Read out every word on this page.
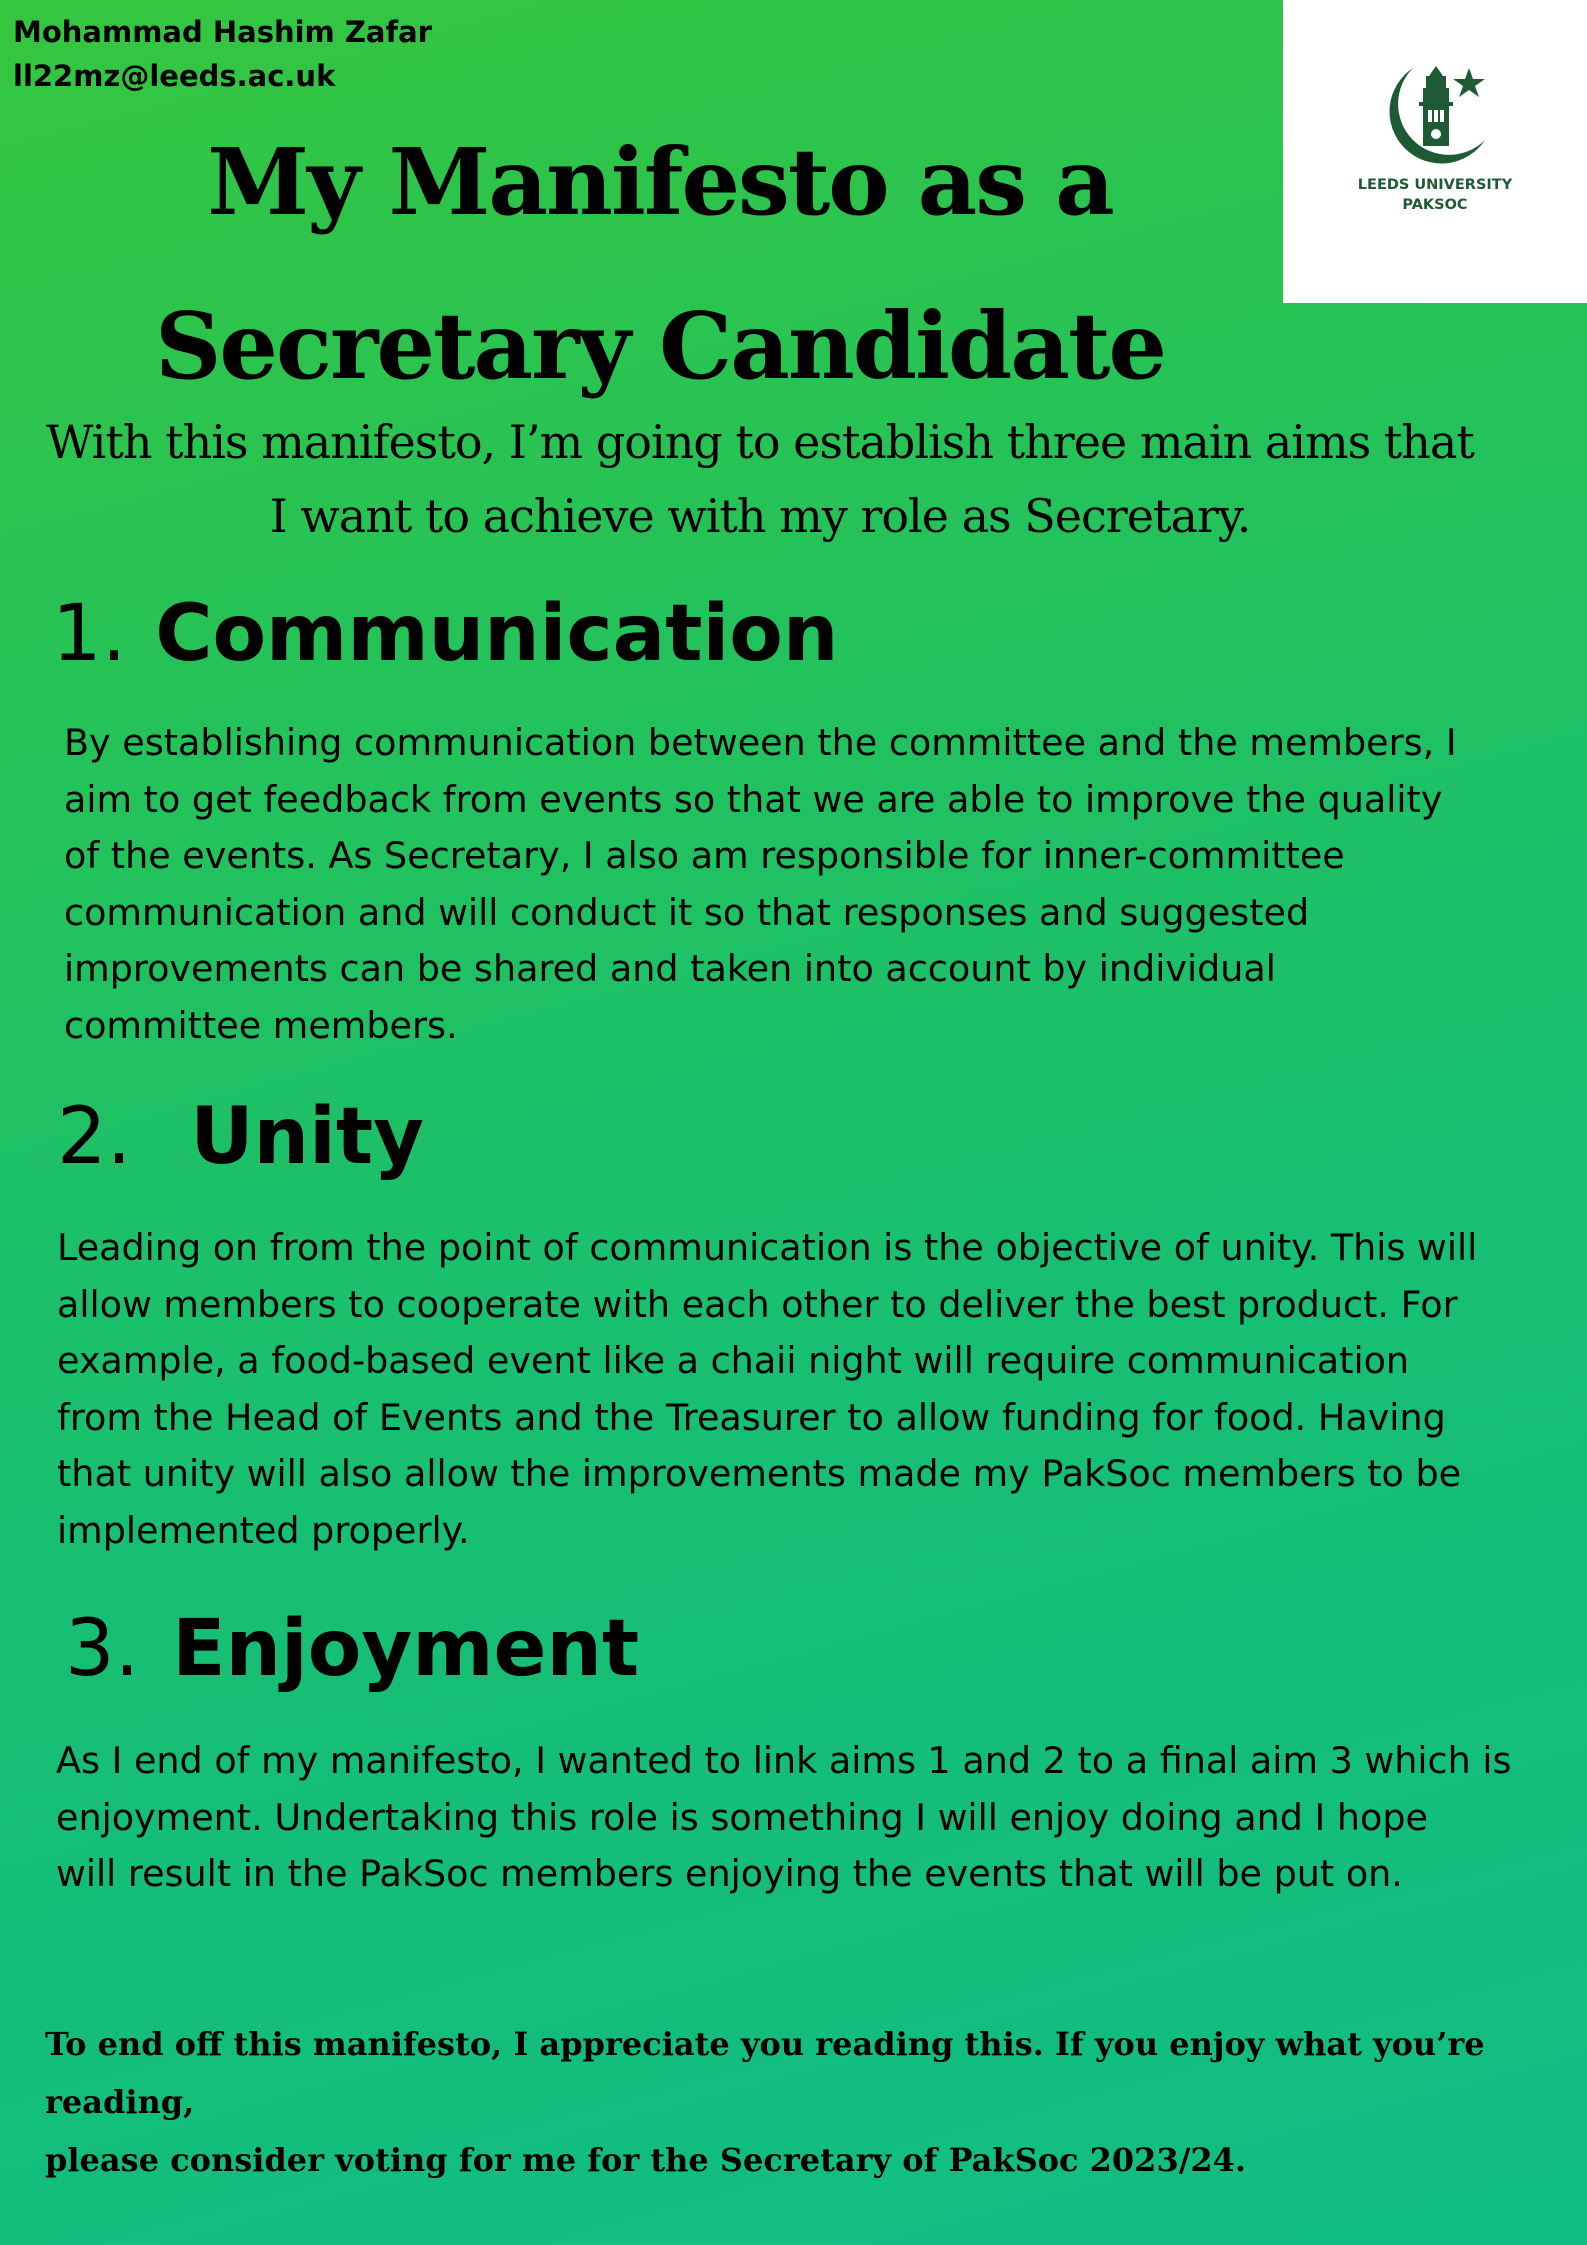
Mohammad Hashim Zafar
ll22mz@leeds.ac.uk
LEEDS UNIVERSITY
PAKSOC
My Manifesto as a
Secretary Candidate
With this manifesto, I’m going to establish three main aims that
I want to achieve with my role as Secretary.
1. Communication
By establishing communication between the committee and the members, I
aim to get feedback from events so that we are able to improve the quality
of the events. As Secretary, I also am responsible for inner-committee
communication and will conduct it so that responses and suggested
improvements can be shared and taken into account by individual
committee members.
2. Unity
Leading on from the point of communication is the objective of unity. This will
allow members to cooperate with each other to deliver the best product. For
example, a food-based event like a chaii night will require communication
from the Head of Events and the Treasurer to allow funding for food. Having
that unity will also allow the improvements made my PakSoc members to be
implemented properly.
3. Enjoyment
As I end of my manifesto, I wanted to link aims 1 and 2 to a final aim 3 which is
enjoyment. Undertaking this role is something I will enjoy doing and I hope
will result in the PakSoc members enjoying the events that will be put on.
To end off this manifesto, I appreciate you reading this. If you enjoy what you’re reading,
please consider voting for me for the Secretary of PakSoc 2023/24.
